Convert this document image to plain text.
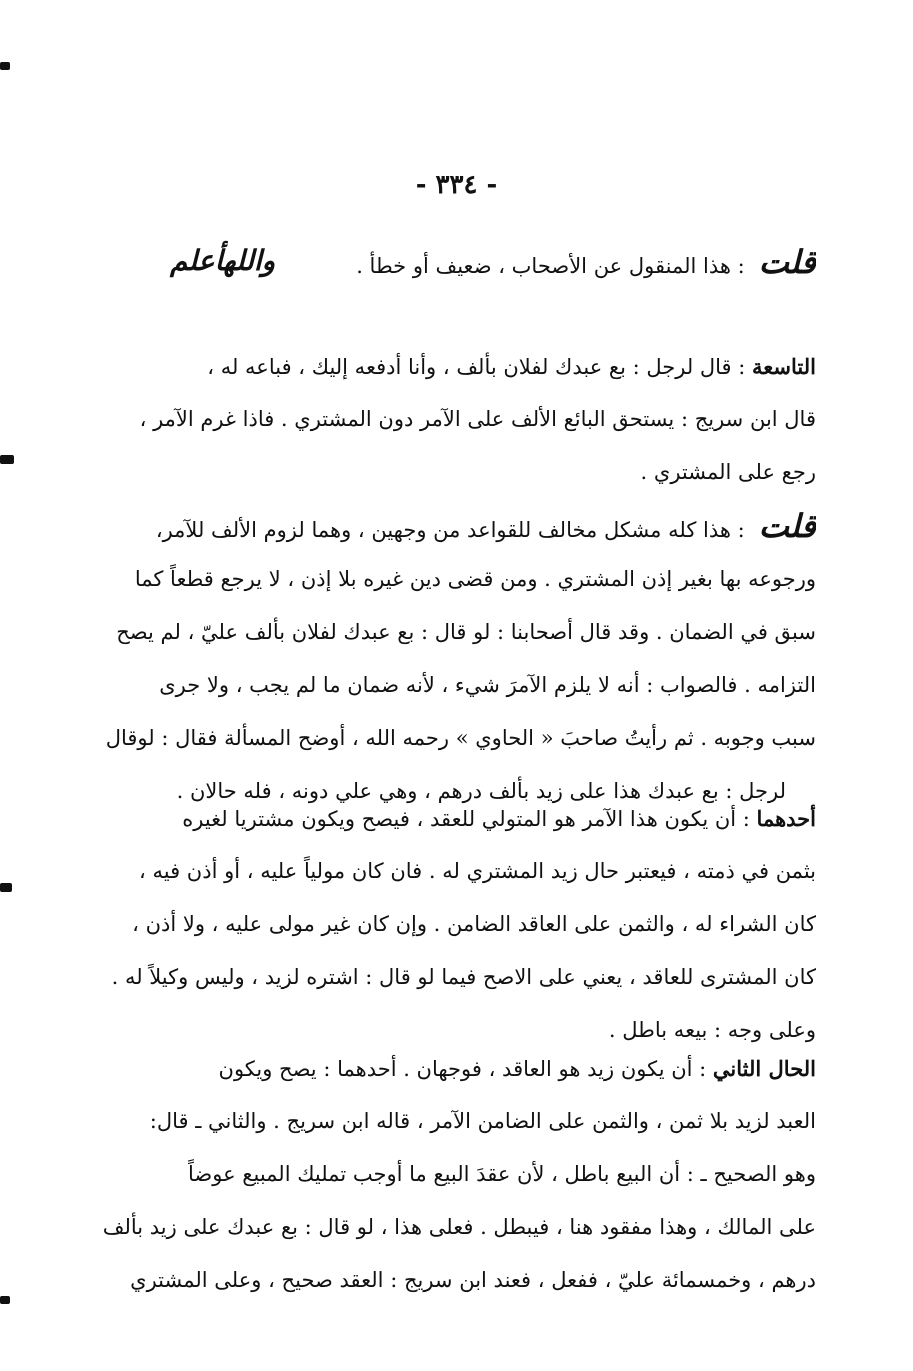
- ٣٣٤ -
واللهأعلم	قلت: هذا المنقول عن الأصحاب ، ضعيف أو خطأ .
التاسعة : قال لرجل : بع عبدك لفلان بألف ، وأنا أدفعه إليك ، فباعه له ،
قال ابن سريج : يستحق البائع الألف على الآمر دون المشتري . فاذا غرم الآمر ،
رجع على المشتري .
قلت: هذا كله مشكل مخالف للقواعد من وجهين ، وهما لزوم الألف للآمر،
ورجوعه بها بغير إذن المشتري . ومن قضى دين غيره بلا إذن ، لا يرجع قطعاً كما
سبق في الضمان . وقد قال أصحابنا : لو قال : بع عبدك لفلان بألف عليّ ، لم يصح
التزامه . فالصواب : أنه لا يلزم الآمرَ شيء ، لأنه ضمان ما لم يجب ، ولا جرى
سبب وجوبه . ثم رأيتُ صاحبَ « الحاوي » رحمه الله ، أوضح المسألة فقال : لوقال
لرجل : بع عبدك هذا على زيد بألف درهم ، وهي علي دونه ، فله حالان .
أحدهما : أن يكون هذا الآمر هو المتولي للعقد ، فيصح ويكون مشتريا لغيره
بثمن في ذمته ، فيعتبر حال زيد المشتري له . فان كان مولياً عليه ، أو أذن فيه ،
كان الشراء له ، والثمن على العاقد الضامن . وإن كان غير مولى عليه ، ولا أذن ،
كان المشترى للعاقد ، يعني على الاصح فيما لو قال : اشتره لزيد ، وليس وكيلاً له .
وعلى وجه : بيعه باطل .
الحال الثاني : أن يكون زيد هو العاقد ، فوجهان . أحدهما : يصح ويكون
العبد لزيد بلا ثمن ، والثمن على الضامن الآمر ، قاله ابن سريج . والثاني ـ قال:
وهو الصحيح ـ : أن البيع باطل ، لأن عقدَ البيع ما أوجب تمليك المبيع عوضاً
على المالك ، وهذا مفقود هنا ، فيبطل . فعلى هذا ، لو قال : بع عبدك على زيد بألف
درهم ، وخمسمائة عليّ ، ففعل ، فعند ابن سريج : العقد صحيح ، وعلى المشتري
